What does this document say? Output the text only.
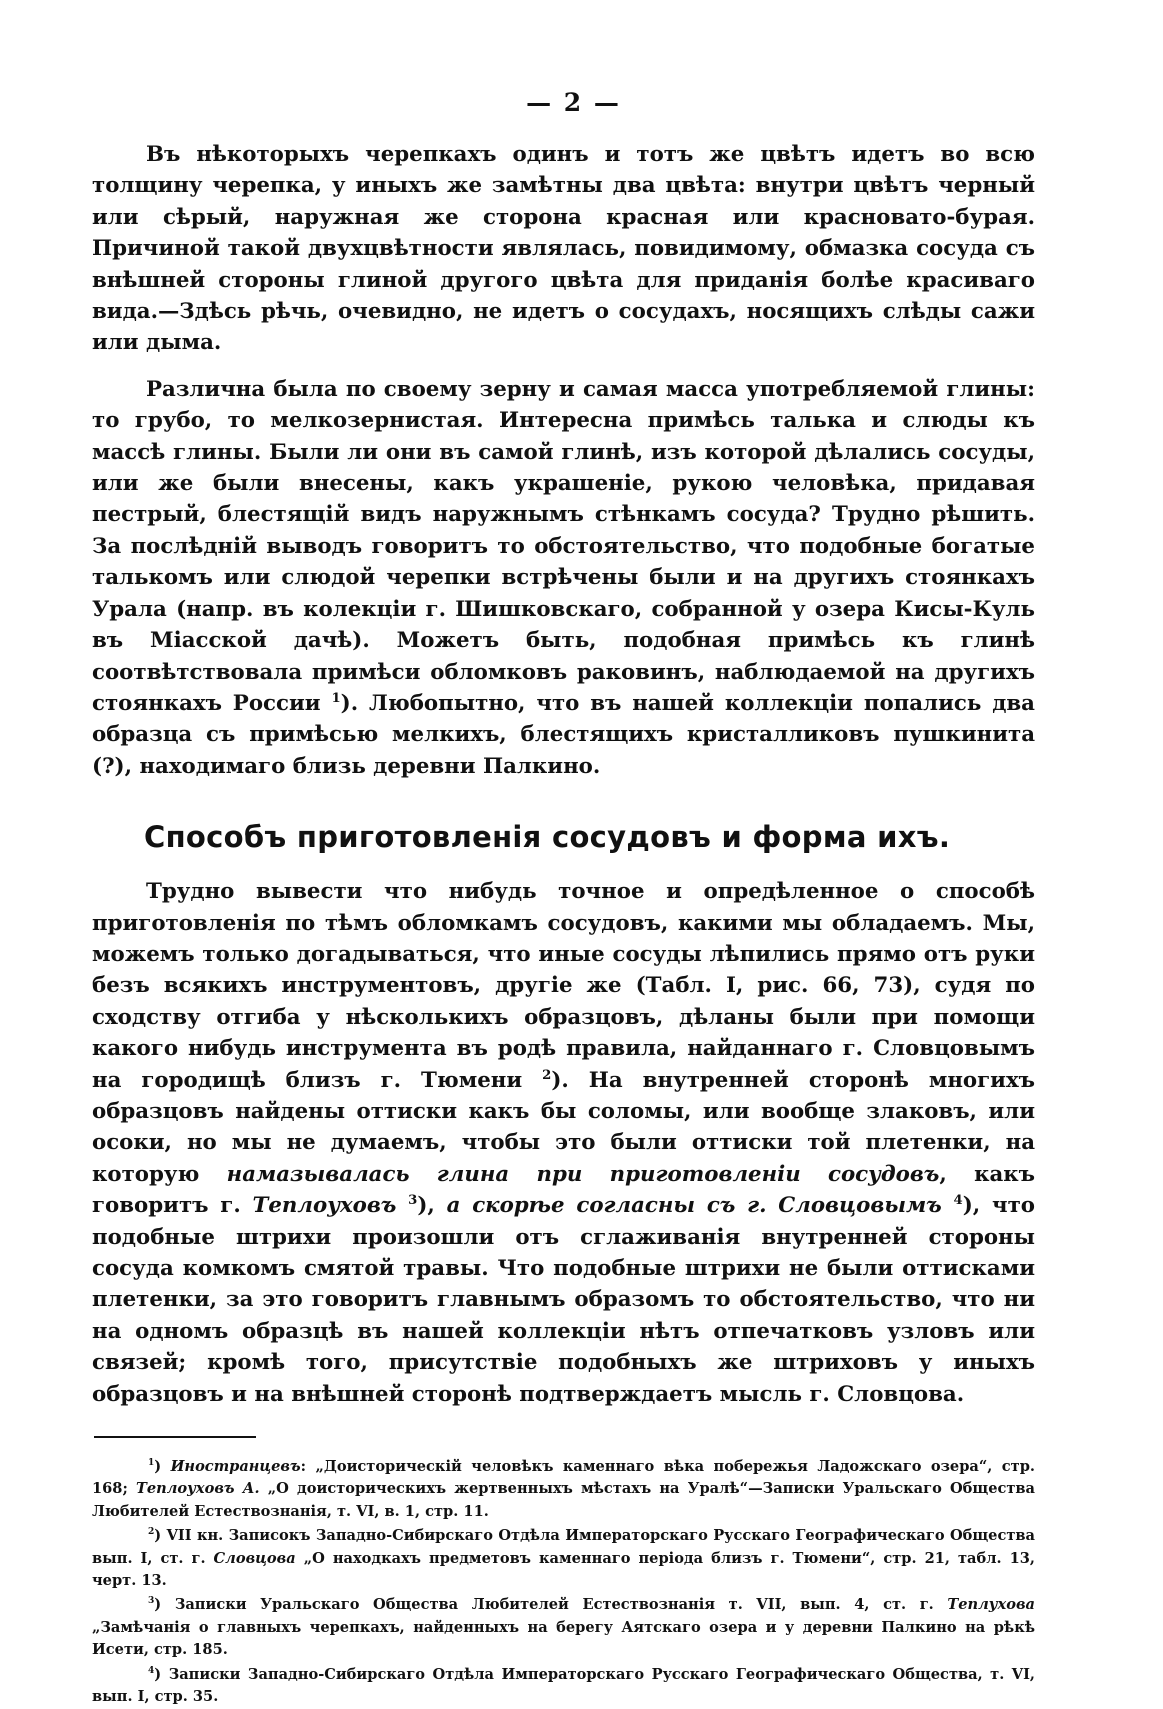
— 2 —

Въ нѣкоторыхъ черепкахъ одинъ и тотъ же цвѣтъ идетъ во всю толщину черепка, у иныхъ же замѣтны два цвѣта: внутри цвѣтъ черный или сѣрый, наружная же сторона красная или красновато-бурая. Причиной такой двухцвѣтности являлась, повидимому, обмазка сосуда съ внѣшней стороны глиной другого цвѣта для приданія болѣе красиваго вида.—Здѣсь рѣчь, очевидно, не идетъ о сосудахъ, носящихъ слѣды сажи или дыма.

Различна была по своему зерну и самая масса употребляемой глины: то грубо, то мелкозернистая. Интересна примѣсь талька и слюды къ массѣ глины. Были ли они въ самой глинѣ, изъ которой дѣлались сосуды, или же были внесены, какъ украшеніе, рукою человѣка, придавая пестрый, блестящій видъ наружнымъ стѣнкамъ сосуда? Трудно рѣшить. За послѣдній выводъ говоритъ то обстоятельство, что подобные богатые талькомъ или слюдой черепки встрѣчены были и на другихъ стоянкахъ Урала (напр. въ колекціи г. Шишковскаго, собранной у озера Кисы-Куль въ Міасской дачѣ). Можетъ быть, подобная примѣсь къ глинѣ соотвѣтствовала примѣси обломковъ раковинъ, наблюдаемой на другихъ стоянкахъ России $^1$). Любопытно, что въ нашей коллекціи попались два образца съ примѣсью мелкихъ, блестящихъ кристалликовъ пушкинита (?), находимаго близь деревни Палкино.

Способъ приготовленія сосудовъ и форма ихъ.

Трудно вывести что нибудь точное и опредѣленное о способѣ приготовленія по тѣмъ обломкамъ сосудовъ, какими мы обладаемъ. Мы, можемъ только догадываться, что иные сосуды лѣпились прямо отъ руки безъ всякихъ инструментовъ, другіе же (Табл. I, рис. 66, 73), судя по сходству отгиба у нѣсколькихъ образцовъ, дѣланы были при помощи какого нибудь инструмента въ родѣ правила, найданнаго г. Словцовымъ на городищѣ близъ г. Тюмени $^2$). На внутренней сторонѣ многихъ образцовъ найдены оттиски какъ бы соломы, или вообще злаковъ, или осоки, но мы не думаемъ, чтобы это были оттиски той плетенки, на которую намазывалась глина при приготовленіи сосудовъ, какъ говоритъ г. Теплоуховъ $^3$), а скорѣе согласны съ г. Словцовымъ $^4$), что подобные штрихи произошли отъ сглаживанія внутренней стороны сосуда комкомъ смятой травы. Что подобные штрихи не были оттисками плетенки, за это говоритъ главнымъ образомъ то обстоятельство, что ни на одномъ образцѣ въ нашей коллекціи нѣтъ отпечатковъ узловъ или связей; кромѣ того, присутствіе подобныхъ же штриховъ у иныхъ образцовъ и на внѣшней сторонѣ подтверждаетъ мысль г. Словцова.

$^1$) Иностранцевъ: „Доисторическій человѣкъ каменнаго вѣка побережья Ладожскаго озера“, стр. 168; Теплоуховъ А. „О доисторическихъ жертвенныхъ мѣстахъ на Уралѣ“—Записки Уральскаго Общества Любителей Естествознанія, т. VI, в. 1, стр. 11.

$^2$) VII кн. Записокъ Западно-Сибирскаго Отдѣла Императорскаго Русскаго Географическаго Общества вып. I, ст. г. Словцова „О находкахъ предметовъ каменнаго періода близъ г. Тюмени“, стр. 21, табл. 13, черт. 13.

$^3$) Записки Уральскаго Общества Любителей Естествознанія т. VII, вып. 4, ст. г. Теплухова „Замѣчанія о главныхъ черепкахъ, найденныхъ на берегу Аятскаго озера и у деревни Палкино на рѣкѣ Исети, стр. 185.

$^4$) Записки Западно-Сибирскаго Отдѣла Императорскаго Русскаго Географическаго Общества, т. VI, вып. I, стр. 35.
